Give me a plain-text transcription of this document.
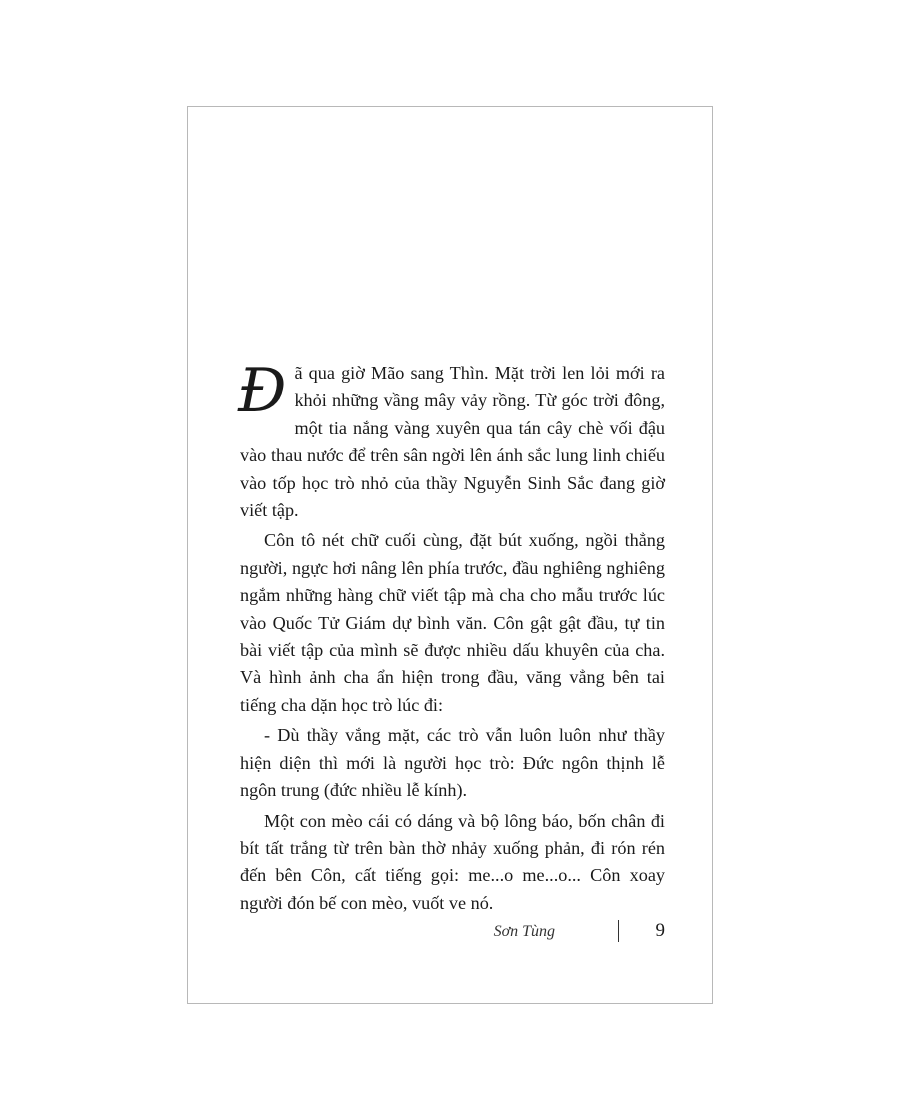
Đã qua giờ Mão sang Thìn. Mặt trời len lỏi mới ra khỏi những vầng mây vảy rồng. Từ góc trời đông, một tia nắng vàng xuyên qua tán cây chè vối đậu vào thau nước để trên sân ngời lên ánh sắc lung linh chiếu vào tốp học trò nhỏ của thầy Nguyễn Sinh Sắc đang giờ viết tập.

Côn tô nét chữ cuối cùng, đặt bút xuống, ngồi thẳng người, ngực hơi nâng lên phía trước, đầu nghiêng nghiêng ngắm những hàng chữ viết tập mà cha cho mẫu trước lúc vào Quốc Tử Giám dự bình văn. Côn gật gật đầu, tự tin bài viết tập của mình sẽ được nhiều dấu khuyên của cha. Và hình ảnh cha ẩn hiện trong đầu, văng vẳng bên tai tiếng cha dặn học trò lúc đi:

- Dù thầy vắng mặt, các trò vẫn luôn luôn như thầy hiện diện thì mới là người học trò: Đức ngôn thịnh lễ ngôn trung (đức nhiều lễ kính).

Một con mèo cái có dáng và bộ lông báo, bốn chân đi bít tất trắng từ trên bàn thờ nhảy xuống phản, đi rón rén đến bên Côn, cất tiếng gọi: me...o me...o... Côn xoay người đón bế con mèo, vuốt ve nó.

Sơn Tùng	9
